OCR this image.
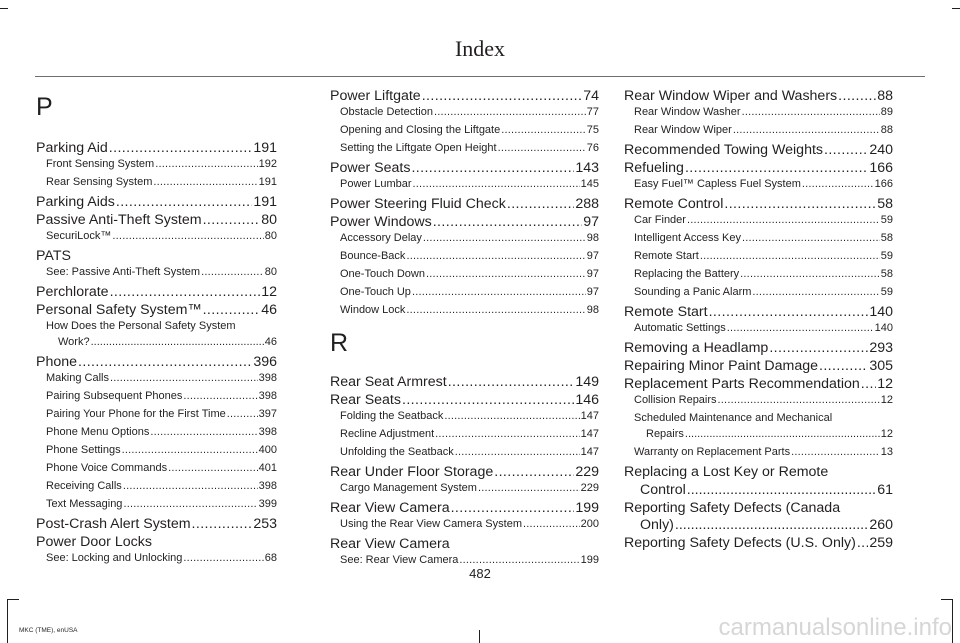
Index
P
Parking Aid .....	191
Front Sensing System .....	192
Rear Sensing System .....	191
Parking Aids .....	191
Passive Anti-Theft System .....	80
SecuriLock™ .....	80
PATS
See: Passive Anti-Theft System .....	80
Perchlorate .....	12
Personal Safety System™ .....	46
How Does the Personal Safety System
Work? .....	46
Phone .....	396
Making Calls .....	398
Pairing Subsequent Phones .....	398
Pairing Your Phone for the First Time .....	397
Phone Menu Options .....	398
Phone Settings .....	400
Phone Voice Commands .....	401
Receiving Calls .....	398
Text Messaging .....	399
Post-Crash Alert System .....	253
Power Door Locks
See: Locking and Unlocking .....	68
Power Liftgate .....	74
Obstacle Detection .....	77
Opening and Closing the Liftgate .....	75
Setting the Liftgate Open Height .....	76
Power Seats .....	143
Power Lumbar .....	145
Power Steering Fluid Check .....	288
Power Windows .....	97
Accessory Delay .....	98
Bounce-Back .....	97
One-Touch Down .....	97
One-Touch Up .....	97
Window Lock .....	98
R
Rear Seat Armrest .....	149
Rear Seats .....	146
Folding the Seatback .....	147
Recline Adjustment .....	147
Unfolding the Seatback .....	147
Rear Under Floor Storage .....	229
Cargo Management System .....	229
Rear View Camera .....	199
Using the Rear View Camera System .....	200
Rear View Camera
See: Rear View Camera .....	199
Rear Window Wiper and Washers .....	88
Rear Window Washer .....	89
Rear Window Wiper .....	88
Recommended Towing Weights .....	240
Refueling .....	166
Easy Fuel™ Capless Fuel System .....	166
Remote Control .....	58
Car Finder .....	59
Intelligent Access Key .....	58
Remote Start .....	59
Replacing the Battery .....	58
Sounding a Panic Alarm .....	59
Remote Start .....	140
Automatic Settings .....	140
Removing a Headlamp .....	293
Repairing Minor Paint Damage .....	305
Replacement Parts Recommendation ..... 12
Collision Repairs .....	12
Scheduled Maintenance and Mechanical
Repairs .....	12
Warranty on Replacement Parts .....	13
Replacing a Lost Key or Remote
Control .....	61
Reporting Safety Defects (Canada
Only) .....	260
Reporting Safety Defects (U.S. Only) ..... 259
482
MKC (TME), enUSA	carmanualsonline.info
